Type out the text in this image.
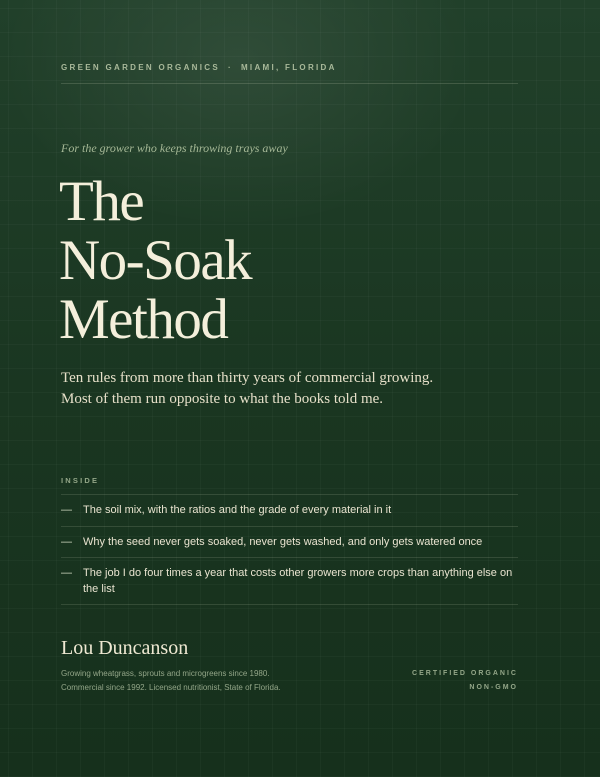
GREEN GARDEN ORGANICS · MIAMI, FLORIDA
For the grower who keeps throwing trays away
The
No-Soak
Method
Ten rules from more than thirty years of commercial growing.
Most of them run opposite to what the books told me.
INSIDE
—	The soil mix, with the ratios and the grade of every material in it
—	Why the seed never gets soaked, never gets washed, and only gets watered once
—	The job I do four times a year that costs other growers more crops than anything else on the list
Lou Duncanson
Growing wheatgrass, sprouts and microgreens since 1980.
Commercial since 1992. Licensed nutritionist, State of Florida.
CERTIFIED ORGANIC
NON-GMO
